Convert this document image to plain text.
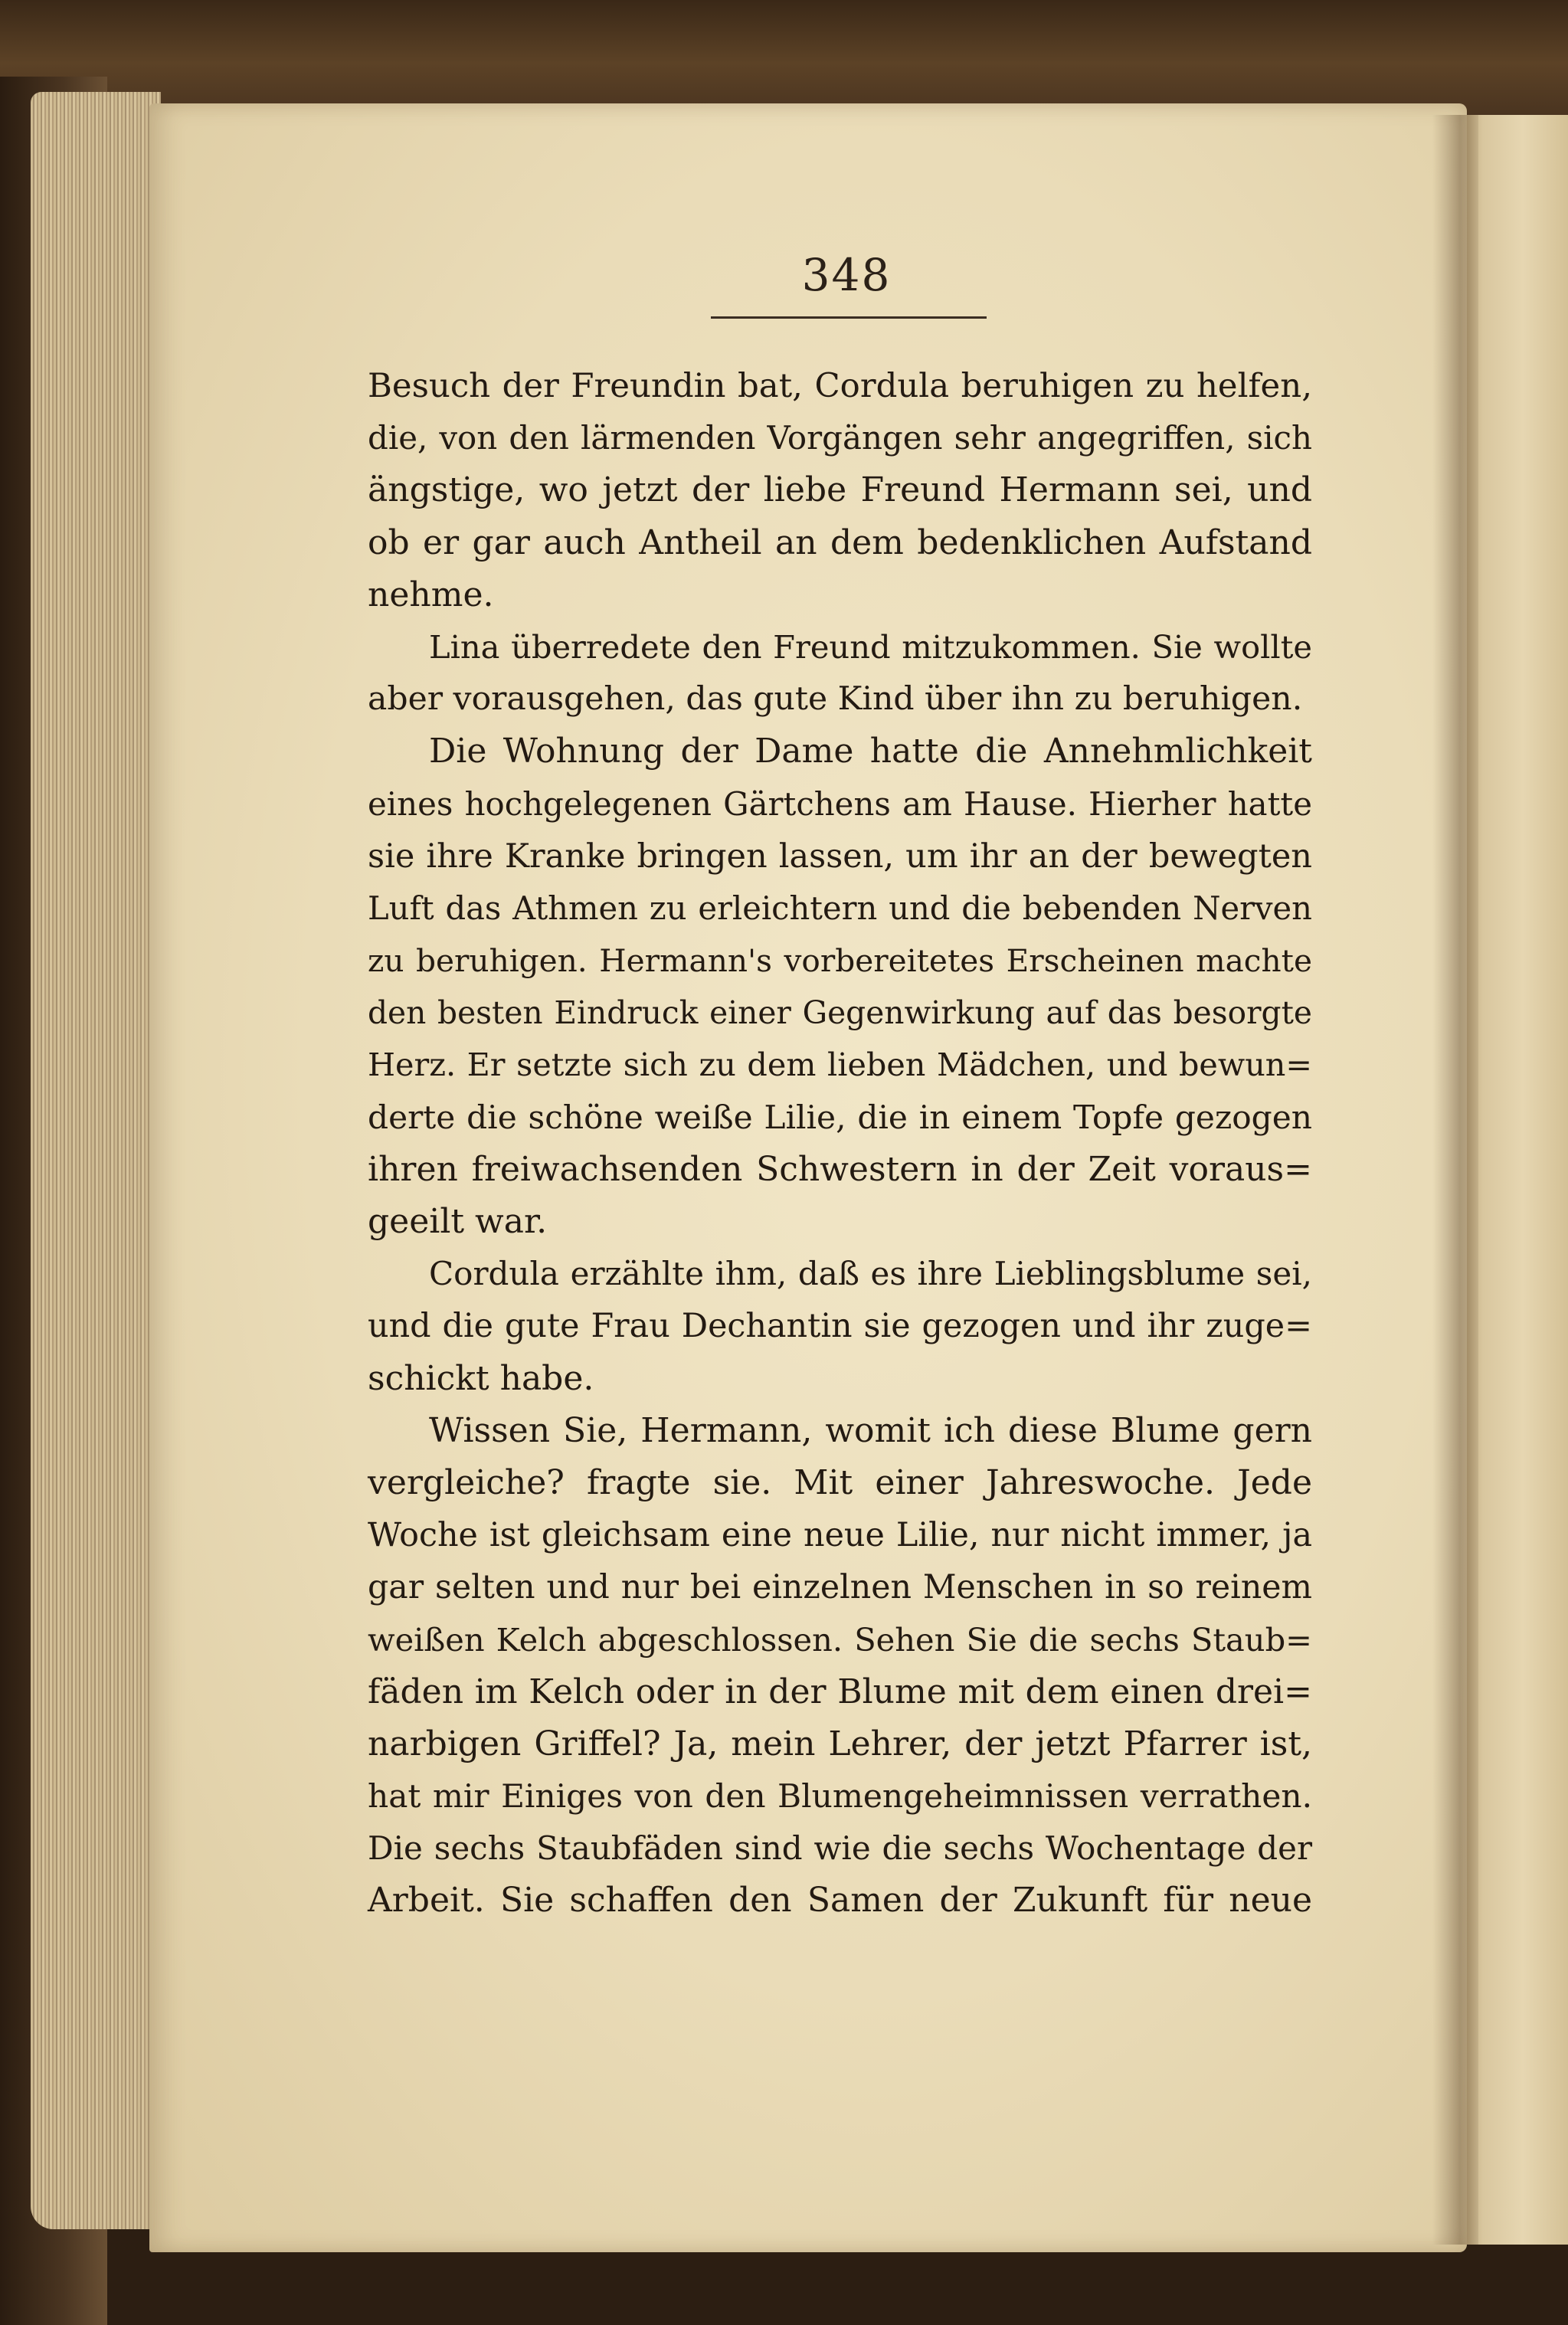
348
Besuch der Freundin bat, Cordula beruhigen zu helfen,
die, von den lärmenden Vorgängen sehr angegriffen, sich
ängstige, wo jetzt der liebe Freund Hermann sei, und
ob er gar auch Antheil an dem bedenklichen Aufstand
nehme.
Lina überredete den Freund mitzukommen. Sie wollte
aber vorausgehen, das gute Kind über ihn zu beruhigen.
Die Wohnung der Dame hatte die Annehmlichkeit
eines hochgelegenen Gärtchens am Hause. Hierher hatte
sie ihre Kranke bringen lassen, um ihr an der bewegten
Luft das Athmen zu erleichtern und die bebenden Nerven
zu beruhigen. Hermann's vorbereitetes Erscheinen machte
den besten Eindruck einer Gegenwirkung auf das besorgte
Herz. Er setzte sich zu dem lieben Mädchen, und bewun=
derte die schöne weiße Lilie, die in einem Topfe gezogen
ihren freiwachsenden Schwestern in der Zeit voraus=
geeilt war.
Cordula erzählte ihm, daß es ihre Lieblingsblume sei,
und die gute Frau Dechantin sie gezogen und ihr zuge=
schickt habe.
Wissen Sie, Hermann, womit ich diese Blume gern
vergleiche? fragte sie. Mit einer Jahreswoche. Jede
Woche ist gleichsam eine neue Lilie, nur nicht immer, ja
gar selten und nur bei einzelnen Menschen in so reinem
weißen Kelch abgeschlossen. Sehen Sie die sechs Staub=
fäden im Kelch oder in der Blume mit dem einen drei=
narbigen Griffel? Ja, mein Lehrer, der jetzt Pfarrer ist,
hat mir Einiges von den Blumengeheimnissen verrathen.
Die sechs Staubfäden sind wie die sechs Wochentage der
Arbeit. Sie schaffen den Samen der Zukunft für neue
